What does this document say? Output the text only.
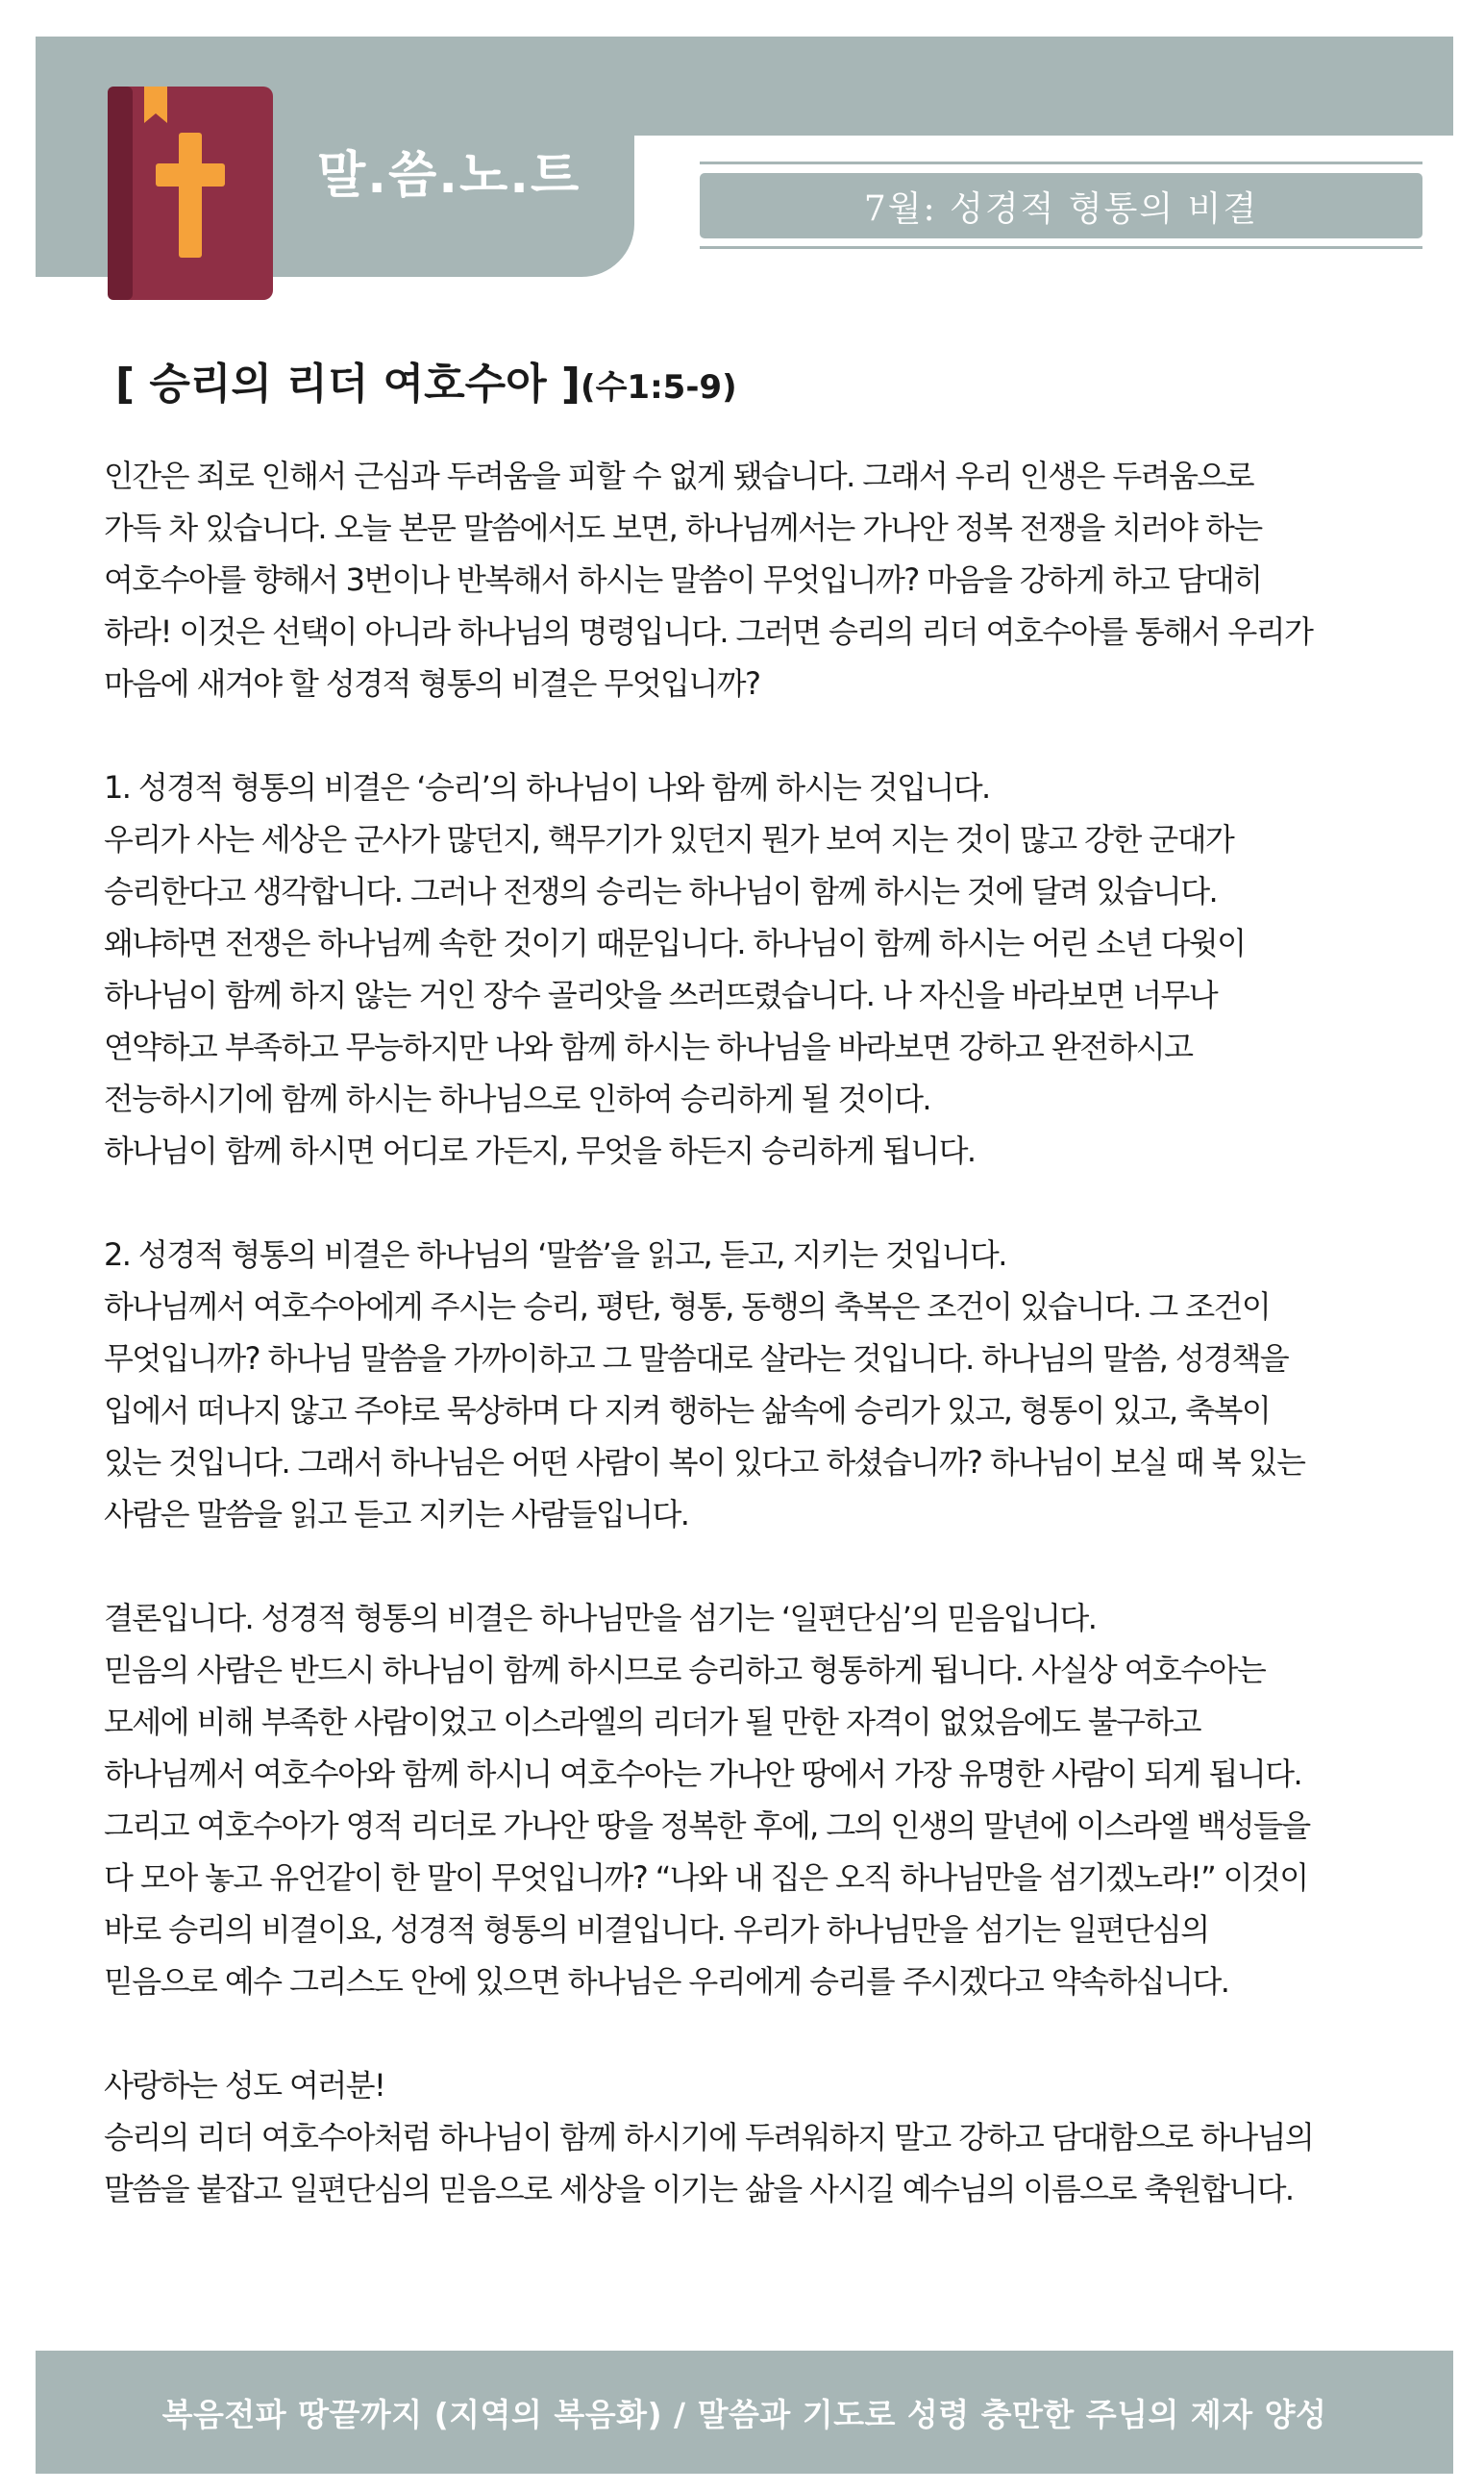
말.씀.노.트
7월: 성경적 형통의 비결
[ 승리의 리더 여호수아 ](수1:5-9)
인간은 죄로 인해서 근심과 두려움을 피할 수 없게 됐습니다. 그래서 우리 인생은 두려움으로
가득 차 있습니다. 오늘 본문 말씀에서도 보면, 하나님께서는 가나안 정복 전쟁을 치러야 하는
여호수아를 향해서 3번이나 반복해서 하시는 말씀이 무엇입니까? 마음을 강하게 하고 담대히
하라! 이것은 선택이 아니라 하나님의 명령입니다. 그러면 승리의 리더 여호수아를 통해서 우리가
마음에 새겨야 할 성경적 형통의 비결은 무엇입니까?
1. 성경적 형통의 비결은 ‘승리’의 하나님이 나와 함께 하시는 것입니다.
우리가 사는 세상은 군사가 많던지, 핵무기가 있던지 뭔가 보여 지는 것이 많고 강한 군대가
승리한다고 생각합니다. 그러나 전쟁의 승리는 하나님이 함께 하시는 것에 달려 있습니다.
왜냐하면 전쟁은 하나님께 속한 것이기 때문입니다. 하나님이 함께 하시는 어린 소년 다윗이
하나님이 함께 하지 않는 거인 장수 골리앗을 쓰러뜨렸습니다. 나 자신을 바라보면 너무나
연약하고 부족하고 무능하지만 나와 함께 하시는 하나님을 바라보면 강하고 완전하시고
전능하시기에 함께 하시는 하나님으로 인하여 승리하게 될 것이다.
하나님이 함께 하시면 어디로 가든지, 무엇을 하든지 승리하게 됩니다.
2. 성경적 형통의 비결은 하나님의 ‘말씀’을 읽고, 듣고, 지키는 것입니다.
하나님께서 여호수아에게 주시는 승리, 평탄, 형통, 동행의 축복은 조건이 있습니다. 그 조건이
무엇입니까? 하나님 말씀을 가까이하고 그 말씀대로 살라는 것입니다. 하나님의 말씀, 성경책을
입에서 떠나지 않고 주야로 묵상하며 다 지켜 행하는 삶속에 승리가 있고, 형통이 있고, 축복이
있는 것입니다. 그래서 하나님은 어떤 사람이 복이 있다고 하셨습니까? 하나님이 보실 때 복 있는
사람은 말씀을 읽고 듣고 지키는 사람들입니다.
결론입니다. 성경적 형통의 비결은 하나님만을 섬기는 ‘일편단심’의 믿음입니다.
믿음의 사람은 반드시 하나님이 함께 하시므로 승리하고 형통하게 됩니다. 사실상 여호수아는
모세에 비해 부족한 사람이었고 이스라엘의 리더가 될 만한 자격이 없었음에도 불구하고
하나님께서 여호수아와 함께 하시니 여호수아는 가나안 땅에서 가장 유명한 사람이 되게 됩니다.
그리고 여호수아가 영적 리더로 가나안 땅을 정복한 후에, 그의 인생의 말년에 이스라엘 백성들을
다 모아 놓고 유언같이 한 말이 무엇입니까? “나와 내 집은 오직 하나님만을 섬기겠노라!” 이것이
바로 승리의 비결이요, 성경적 형통의 비결입니다. 우리가 하나님만을 섬기는 일편단심의
믿음으로 예수 그리스도 안에 있으면 하나님은 우리에게 승리를 주시겠다고 약속하십니다.
사랑하는 성도 여러분!
승리의 리더 여호수아처럼 하나님이 함께 하시기에 두려워하지 말고 강하고 담대함으로 하나님의
말씀을 붙잡고 일편단심의 믿음으로 세상을 이기는 삶을 사시길 예수님의 이름으로 축원합니다.
복음전파 땅끝까지 (지역의 복음화) / 말씀과 기도로 성령 충만한 주님의 제자 양성
